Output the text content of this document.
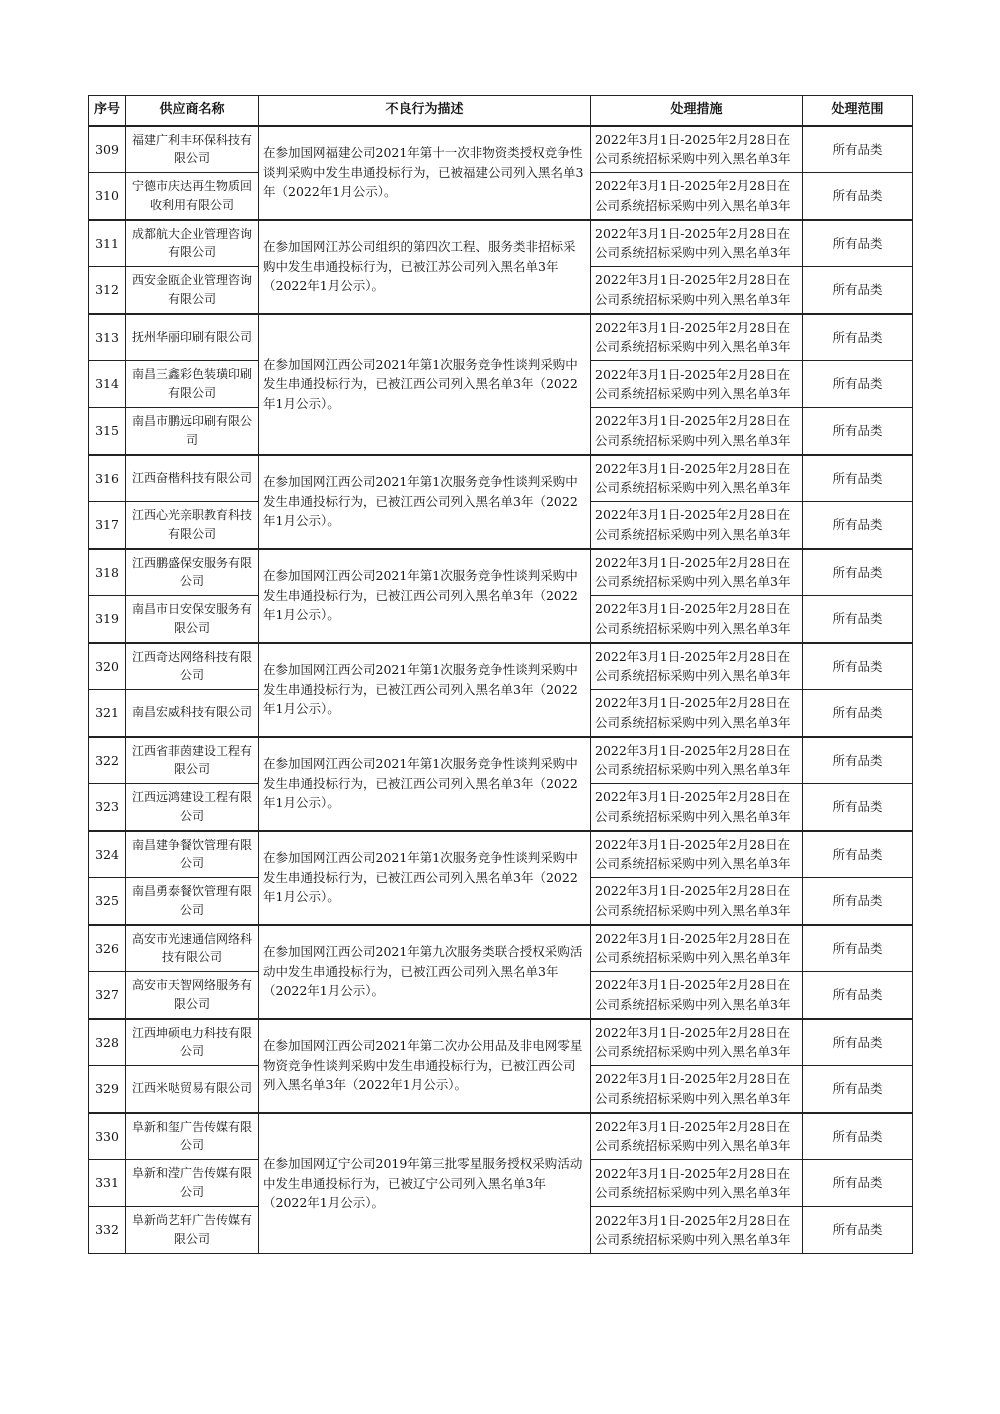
序号	供应商名称	不良行为描述	处理措施	处理范围
309	福建广利丰环保科技有限公司	在参加国网福建公司2021年第十一次非物资类授权竞争性谈判采购中发生串通投标行为，已被福建公司列入黑名单3年（2022年1月公示）。	2022年3月1日-2025年2月28日在公司系统招标采购中列入黑名单3年	所有品类
310	宁德市庆达再生物质回收利用有限公司		2022年3月1日-2025年2月28日在公司系统招标采购中列入黑名单3年	所有品类
311	成都航大企业管理咨询有限公司	在参加国网江苏公司组织的第四次工程、服务类非招标采购中发生串通投标行为，已被江苏公司列入黑名单3年（2022年1月公示）。	2022年3月1日-2025年2月28日在公司系统招标采购中列入黑名单3年	所有品类
312	西安金瓯企业管理咨询有限公司		2022年3月1日-2025年2月28日在公司系统招标采购中列入黑名单3年	所有品类
313	抚州华丽印刷有限公司	在参加国网江西公司2021年第1次服务竞争性谈判采购中发生串通投标行为，已被江西公司列入黑名单3年（2022年1月公示）。	2022年3月1日-2025年2月28日在公司系统招标采购中列入黑名单3年	所有品类
314	南昌三鑫彩色装璜印刷有限公司		2022年3月1日-2025年2月28日在公司系统招标采购中列入黑名单3年	所有品类
315	南昌市鹏远印刷有限公司		2022年3月1日-2025年2月28日在公司系统招标采购中列入黑名单3年	所有品类
316	江西奋楷科技有限公司	在参加国网江西公司2021年第1次服务竞争性谈判采购中发生串通投标行为，已被江西公司列入黑名单3年（2022年1月公示）。	2022年3月1日-2025年2月28日在公司系统招标采购中列入黑名单3年	所有品类
317	江西心光亲职教育科技有限公司		2022年3月1日-2025年2月28日在公司系统招标采购中列入黑名单3年	所有品类
318	江西鹏盛保安服务有限公司	在参加国网江西公司2021年第1次服务竞争性谈判采购中发生串通投标行为，已被江西公司列入黑名单3年（2022年1月公示）。	2022年3月1日-2025年2月28日在公司系统招标采购中列入黑名单3年	所有品类
319	南昌市日安保安服务有限公司		2022年3月1日-2025年2月28日在公司系统招标采购中列入黑名单3年	所有品类
320	江西奇达网络科技有限公司	在参加国网江西公司2021年第1次服务竞争性谈判采购中发生串通投标行为，已被江西公司列入黑名单3年（2022年1月公示）。	2022年3月1日-2025年2月28日在公司系统招标采购中列入黑名单3年	所有品类
321	南昌宏威科技有限公司		2022年3月1日-2025年2月28日在公司系统招标采购中列入黑名单3年	所有品类
322	江西省菲茵建设工程有限公司	在参加国网江西公司2021年第1次服务竞争性谈判采购中发生串通投标行为，已被江西公司列入黑名单3年（2022年1月公示）。	2022年3月1日-2025年2月28日在公司系统招标采购中列入黑名单3年	所有品类
323	江西远鸿建设工程有限公司		2022年3月1日-2025年2月28日在公司系统招标采购中列入黑名单3年	所有品类
324	南昌建争餐饮管理有限公司	在参加国网江西公司2021年第1次服务竞争性谈判采购中发生串通投标行为，已被江西公司列入黑名单3年（2022年1月公示）。	2022年3月1日-2025年2月28日在公司系统招标采购中列入黑名单3年	所有品类
325	南昌勇泰餐饮管理有限公司		2022年3月1日-2025年2月28日在公司系统招标采购中列入黑名单3年	所有品类
326	高安市光速通信网络科技有限公司	在参加国网江西公司2021年第九次服务类联合授权采购活动中发生串通投标行为，已被江西公司列入黑名单3年（2022年1月公示）。	2022年3月1日-2025年2月28日在公司系统招标采购中列入黑名单3年	所有品类
327	高安市天智网络服务有限公司		2022年3月1日-2025年2月28日在公司系统招标采购中列入黑名单3年	所有品类
328	江西坤硕电力科技有限公司	在参加国网江西公司2021年第二次办公用品及非电网零星物资竞争性谈判采购中发生串通投标行为，已被江西公司列入黑名单3年（2022年1月公示）。	2022年3月1日-2025年2月28日在公司系统招标采购中列入黑名单3年	所有品类
329	江西米哒贸易有限公司		2022年3月1日-2025年2月28日在公司系统招标采购中列入黑名单3年	所有品类
330	阜新和玺广告传媒有限公司	在参加国网辽宁公司2019年第三批零星服务授权采购活动中发生串通投标行为，已被辽宁公司列入黑名单3年（2022年1月公示）。	2022年3月1日-2025年2月28日在公司系统招标采购中列入黑名单3年	所有品类
331	阜新和滢广告传媒有限公司		2022年3月1日-2025年2月28日在公司系统招标采购中列入黑名单3年	所有品类
332	阜新尚艺轩广告传媒有限公司		2022年3月1日-2025年2月28日在公司系统招标采购中列入黑名单3年	所有品类
